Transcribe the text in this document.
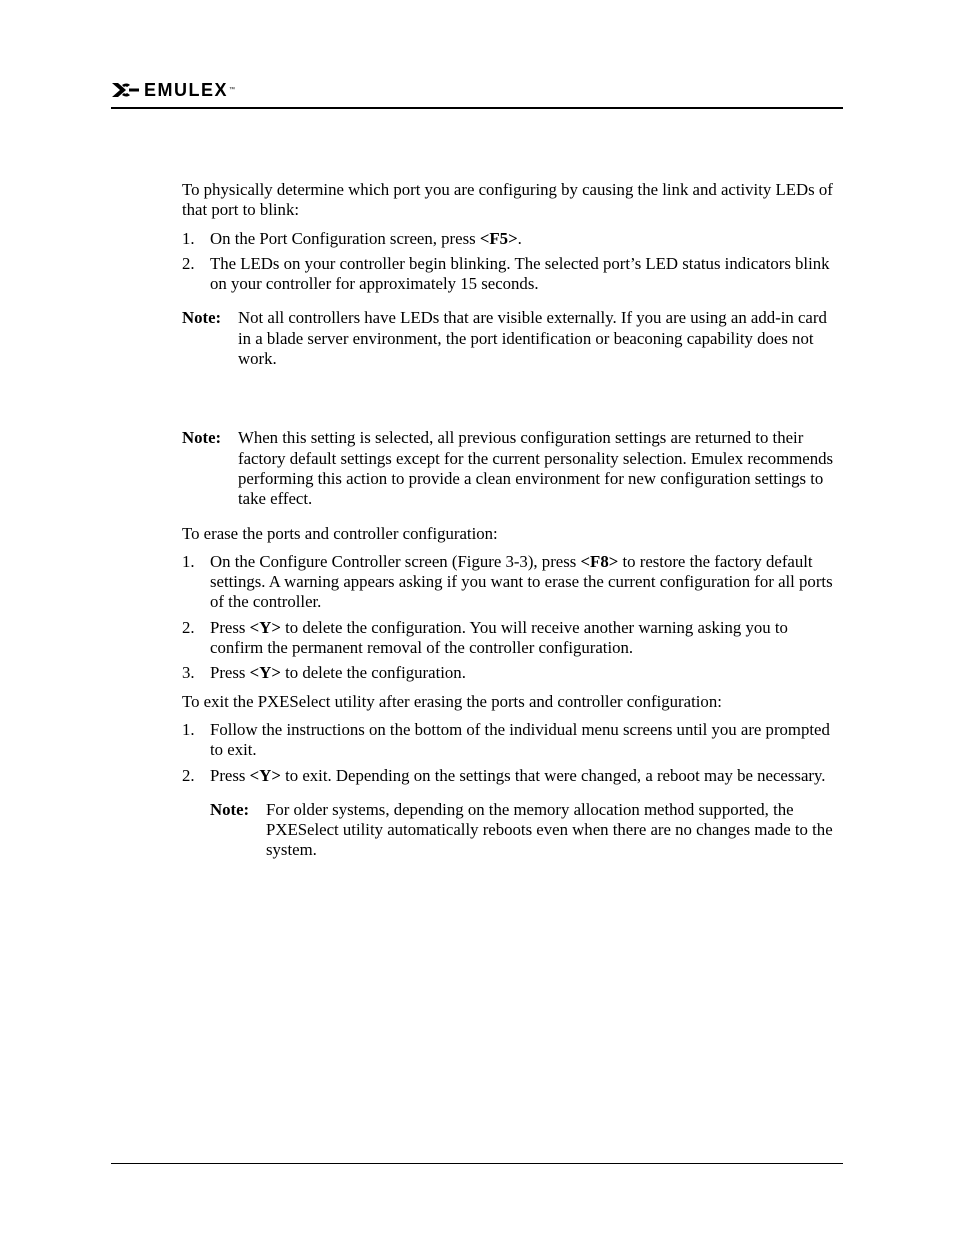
EMULEX ™

To physically determine which port you are configuring by causing the link and activity LEDs of that port to blink:

1. On the Port Configuration screen, press <F5>.
2. The LEDs on your controller begin blinking. The selected port’s LED status indicators blink on your controller for approximately 15 seconds.
Note:	Not all controllers have LEDs that are visible externally. If you are using an add-in card in a blade server environment, the port identification or beaconing capability does not work.
Note:	When this setting is selected, all previous configuration settings are returned to their factory default settings except for the current personality selection. Emulex recommends performing this action to provide a clean environment for new configuration settings to take effect.

To erase the ports and controller configuration:

1. On the Configure Controller screen (Figure 3-3), press <F8> to restore the factory default settings. A warning appears asking if you want to erase the current configuration for all ports of the controller.
2. Press <Y> to delete the configuration. You will receive another warning asking you to confirm the permanent removal of the controller configuration.
3. Press <Y> to delete the configuration.

To exit the PXESelect utility after erasing the ports and controller configuration:

1. Follow the instructions on the bottom of the individual menu screens until you are prompted to exit.
2. Press <Y> to exit. Depending on the settings that were changed, a reboot may be necessary.
Note:	For older systems, depending on the memory allocation method supported, the PXESelect utility automatically reboots even when there are no changes made to the system.
